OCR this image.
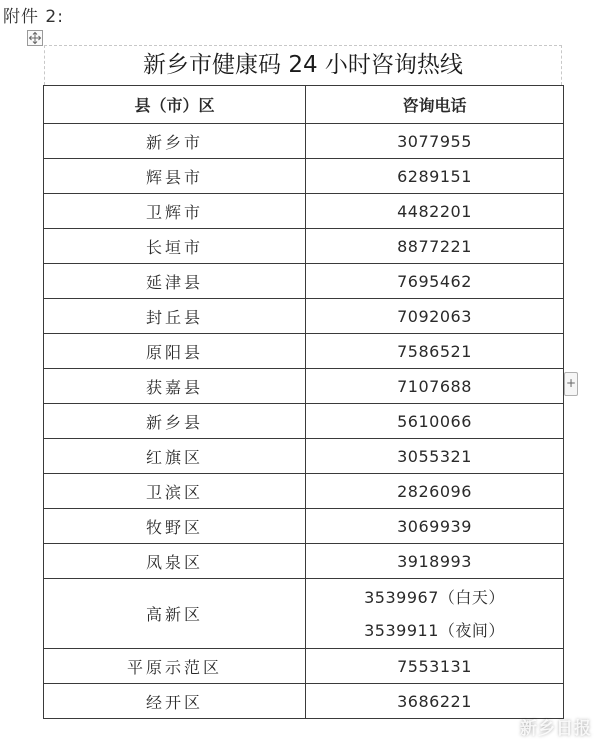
附件 2:
新乡市健康码 24 小时咨询热线
县（市）区	咨询电话
新乡市	3077955
辉县市	6289151
卫辉市	4482201
长垣市	8877221
延津县	7695462
封丘县	7092063
原阳县	7586521
获嘉县	7107688
新乡县	5610066
红旗区	3055321
卫滨区	2826096
牧野区	3069939
凤泉区	3918993
高新区	3539967（白天）
3539911（夜间）

平原示范区	7553131
经开区	3686221
+
新乡日报
